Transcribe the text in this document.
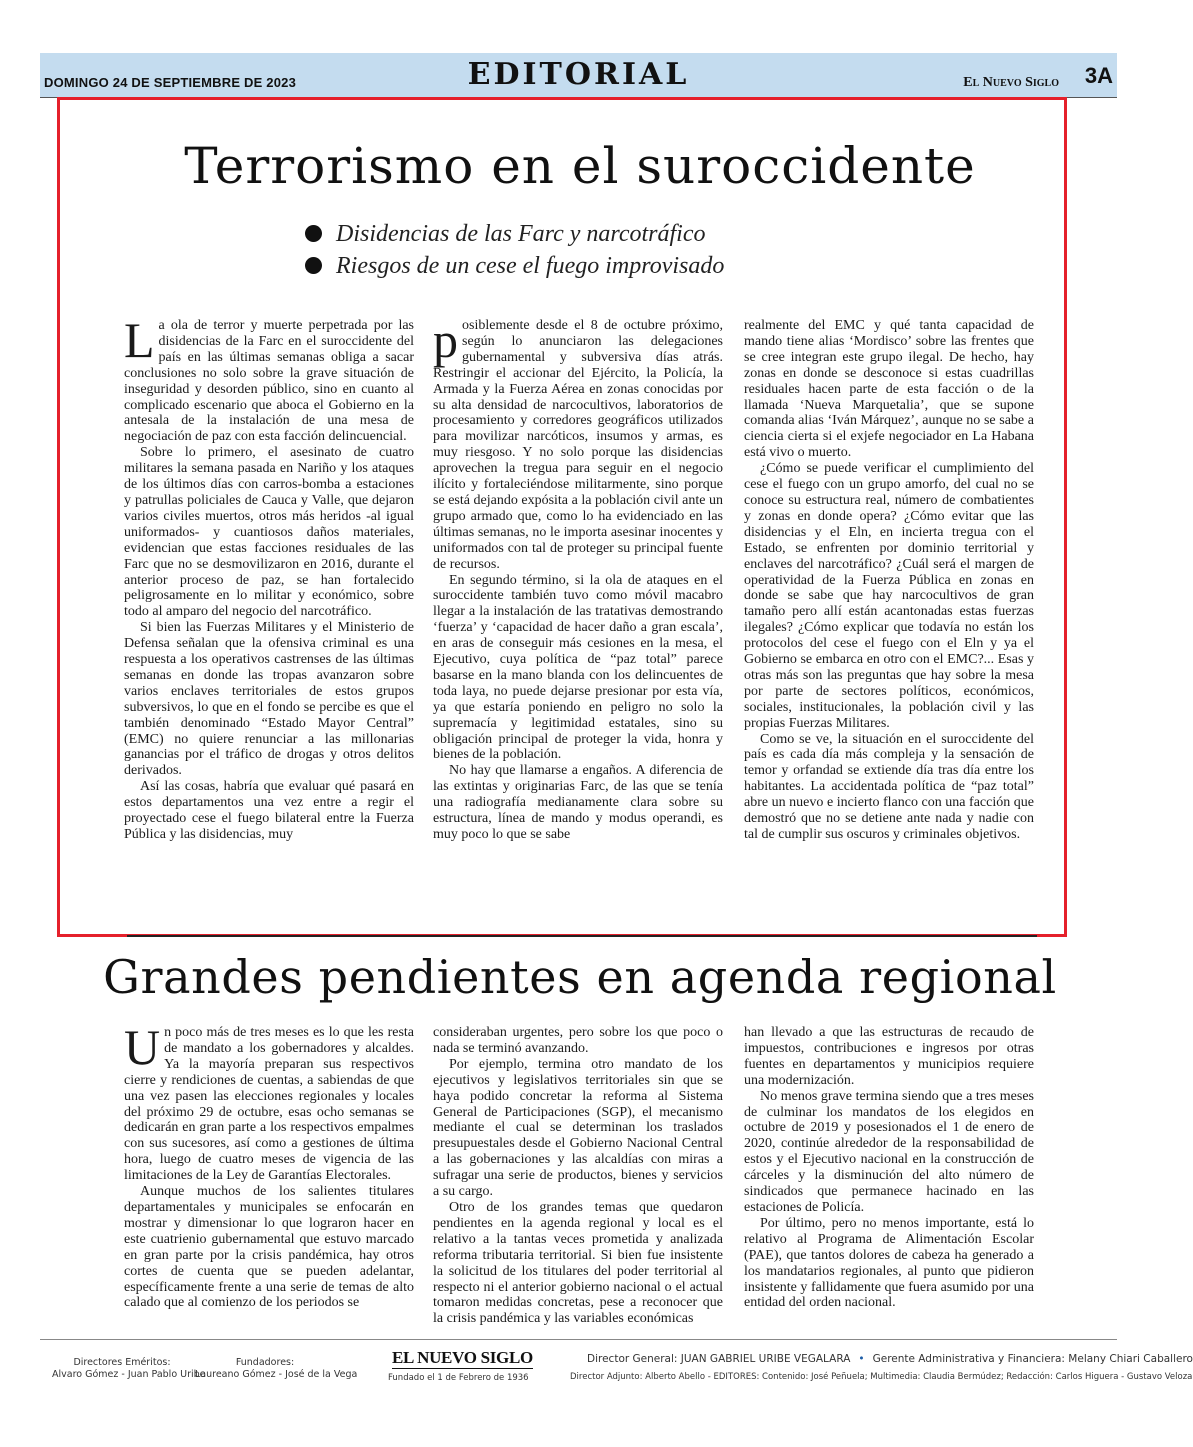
DOMINGO 24 DE SEPTIEMBRE DE 2023	EDITORIAL	El Nuevo Siglo 3A
Terrorismo en el suroccidente
Disidencias de las Farc y narcotráfico
Riesgos de un cese el fuego improvisado

La ola de terror y muerte perpetrada por las disidencias de la Farc en el suroccidente del país en las últimas semanas obliga a sacar conclusiones no solo sobre la grave situación de inseguridad y desorden público, sino en cuanto al complicado escenario que aboca el Gobierno en la antesala de la instalación de una mesa de negociación de paz con esta facción delincuencial.

Sobre lo primero, el asesinato de cuatro militares la semana pasada en Nariño y los ataques de los últimos días con carros-bomba a estaciones y patrullas policiales de Cauca y Valle, que dejaron varios civiles muertos, otros más heridos -al igual uniformados- y cuantiosos daños materiales, evidencian que estas facciones residuales de las Farc que no se desmovilizaron en 2016, durante el anterior proceso de paz, se han fortalecido peligrosamente en lo militar y económico, sobre todo al amparo del negocio del narcotráfico.

Si bien las Fuerzas Militares y el Ministerio de Defensa señalan que la ofensiva criminal es una respuesta a los operativos castrenses de las últimas semanas en donde las tropas avanzaron sobre varios enclaves territoriales de estos grupos subversivos, lo que en el fondo se percibe es que el también denominado “Estado Mayor Central” (EMC) no quiere renunciar a las millonarias ganancias por el tráfico de drogas y otros delitos derivados.

Así las cosas, habría que evaluar qué pasará en estos departamentos una vez entre a regir el proyectado cese el fuego bilateral entre la Fuerza Pública y las disidencias, muy

posiblemente desde el 8 de octubre próximo, según lo anunciaron las delegaciones gubernamental y subversiva días atrás. Restringir el accionar del Ejército, la Policía, la Armada y la Fuerza Aérea en zonas conocidas por su alta densidad de narcocultivos, laboratorios de procesamiento y corredores geográficos utilizados para movilizar narcóticos, insumos y armas, es muy riesgoso. Y no solo porque las disidencias aprovechen la tregua para seguir en el negocio ilícito y fortaleciéndose militarmente, sino porque se está dejando expósita a la población civil ante un grupo armado que, como lo ha evidenciado en las últimas semanas, no le importa asesinar inocentes y uniformados con tal de proteger su principal fuente de recursos.

En segundo término, si la ola de ataques en el suroccidente también tuvo como móvil macabro llegar a la instalación de las tratativas demostrando ‘fuerza’ y ‘capacidad de hacer daño a gran escala’, en aras de conseguir más cesiones en la mesa, el Ejecutivo, cuya política de “paz total” parece basarse en la mano blanda con los delincuentes de toda laya, no puede dejarse presionar por esta vía, ya que estaría poniendo en peligro no solo la supremacía y legitimidad estatales, sino su obligación principal de proteger la vida, honra y bienes de la población.

No hay que llamarse a engaños. A diferencia de las extintas y originarias Farc, de las que se tenía una radiografía medianamente clara sobre su estructura, línea de mando y modus operandi, es muy poco lo que se sabe

realmente del EMC y qué tanta capacidad de mando tiene alias ‘Mordisco’ sobre las frentes que se cree integran este grupo ilegal. De hecho, hay zonas en donde se desconoce si estas cuadrillas residuales hacen parte de esta facción o de la llamada ‘Nueva Marquetalia’, que se supone comanda alias ‘Iván Márquez’, aunque no se sabe a ciencia cierta si el exjefe negociador en La Habana está vivo o muerto.

¿Cómo se puede verificar el cumplimiento del cese el fuego con un grupo amorfo, del cual no se conoce su estructura real, número de combatientes y zonas en donde opera? ¿Cómo evitar que las disidencias y el Eln, en incierta tregua con el Estado, se enfrenten por dominio territorial y enclaves del narcotráfico? ¿Cuál será el margen de operatividad de la Fuerza Pública en zonas en donde se sabe que hay narcocultivos de gran tamaño pero allí están acantonadas estas fuerzas ilegales? ¿Cómo explicar que todavía no están los protocolos del cese el fuego con el Eln y ya el Gobierno se embarca en otro con el EMC?... Esas y otras más son las preguntas que hay sobre la mesa por parte de sectores políticos, económicos, sociales, institucionales, la población civil y las propias Fuerzas Militares.

Como se ve, la situación en el suroccidente del país es cada día más compleja y la sensación de temor y orfandad se extiende día tras día entre los habitantes. La accidentada política de “paz total” abre un nuevo e incierto flanco con una facción que demostró que no se detiene ante nada y nadie con tal de cumplir sus oscuros y criminales objetivos.

Grandes pendientes en agenda regional

Un poco más de tres meses es lo que les resta de mandato a los gobernadores y alcaldes. Ya la mayoría preparan sus respectivos cierre y rendiciones de cuentas, a sabiendas de que una vez pasen las elecciones regionales y locales del próximo 29 de octubre, esas ocho semanas se dedicarán en gran parte a los respectivos empalmes con sus sucesores, así como a gestiones de última hora, luego de cuatro meses de vigencia de las limitaciones de la Ley de Garantías Electorales.

Aunque muchos de los salientes titulares departamentales y municipales se enfocarán en mostrar y dimensionar lo que lograron hacer en este cuatrienio gubernamental que estuvo marcado en gran parte por la crisis pandémica, hay otros cortes de cuenta que se pueden adelantar, específicamente frente a una serie de temas de alto calado que al comienzo de los periodos se

consideraban urgentes, pero sobre los que poco o nada se terminó avanzando.

Por ejemplo, termina otro mandato de los ejecutivos y legislativos territoriales sin que se haya podido concretar la reforma al Sistema General de Participaciones (SGP), el mecanismo mediante el cual se determinan los traslados presupuestales desde el Gobierno Nacional Central a las gobernaciones y las alcaldías con miras a sufragar una serie de productos, bienes y servicios a su cargo.

Otro de los grandes temas que quedaron pendientes en la agenda regional y local es el relativo a la tantas veces prometida y analizada reforma tributaria territorial. Si bien fue insistente la solicitud de los titulares del poder territorial al respecto ni el anterior gobierno nacional o el actual tomaron medidas concretas, pese a reconocer que la crisis pandémica y las variables económicas

han llevado a que las estructuras de recaudo de impuestos, contribuciones e ingresos por otras fuentes en departamentos y municipios requiere una modernización.

No menos grave termina siendo que a tres meses de culminar los mandatos de los elegidos en octubre de 2019 y posesionados el 1 de enero de 2020, continúe alrededor de la responsabilidad de estos y el Ejecutivo nacional en la construcción de cárceles y la disminución del alto número de sindicados que permanece hacinado en las estaciones de Policía.

Por último, pero no menos importante, está lo relativo al Programa de Alimentación Escolar (PAE), que tantos dolores de cabeza ha generado a los mandatarios regionales, al punto que pidieron insistente y fallidamente que fuera asumido por una entidad del orden nacional.

Directores Eméritos:
Alvaro Gómez - Juan Pablo Uribe
Fundadores:
Laureano Gómez - José de la Vega
EL NUEVO SIGLO
Fundado el 1 de Febrero de 1936
Director General: JUAN GABRIEL URIBE VEGALARA • Gerente Administrativa y Financiera: Melany Chiari Caballero
Director Adjunto: Alberto Abello - EDITORES: Contenido: José Peñuela; Multimedia: Claudia Bermúdez; Redacción: Carlos Higuera - Gustavo Veloza
